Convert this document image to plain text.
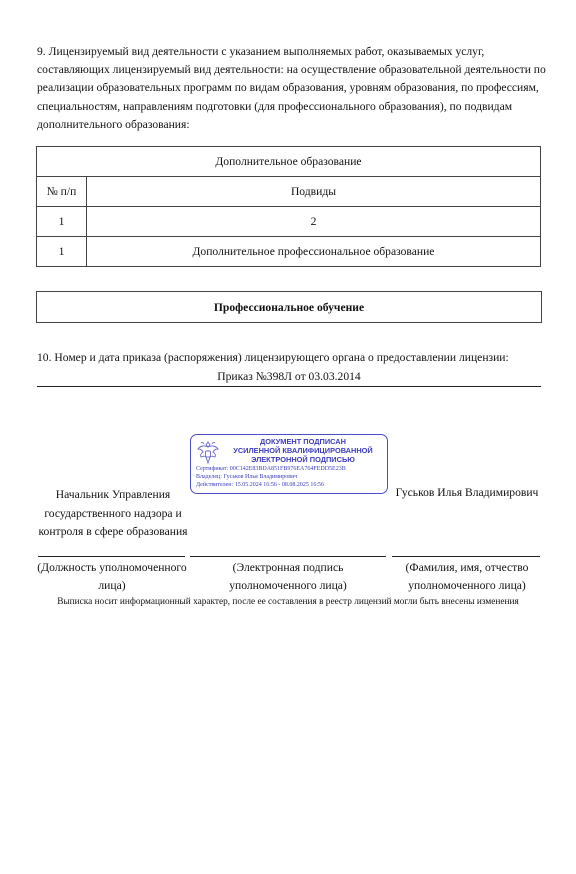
9. Лицензируемый вид деятельности с указанием выполняемых работ, оказываемых услуг, составляющих лицензируемый вид деятельности: на осуществление образовательной деятельности по реализации образовательных программ по видам образования, уровням образования, по профессиям, специальностям, направлениям подготовки (для профессионального образования), по подвидам дополнительного образования:
Дополнительное образование	
№ п/п	Подвиды
1	2
1	Дополнительное профессиональное образование
Профессиональное обучение
10. Номер и дата приказа (распоряжения) лицензирующего органа о предоставлении лицензии:
Приказ №398Л от 03.03.2014
ДОКУМЕНТ ПОДПИСАН
УСИЛЕННОЙ КВАЛИФИЦИРОВАННОЙ
ЭЛЕКТРОННОЙ ПОДПИСЬЮ
Сертификат: 00C142E83BDA851FB976EA764FEDD5E23B
Владелец: Гуськов Илья Владимирович
Действителен: 15.05.2024 16:56 - 08.08.2025 16:56
Начальник Управления государственного надзора и контроля в сфере образования
Гуськов Илья Владимирович
(Должность уполномоченного лица)
(Электронная подпись уполномоченного лица)
(Фамилия, имя, отчество уполномоченного лица)
Выписка носит информационный характер, после ее составления в реестр лицензий могли быть внесены изменения
